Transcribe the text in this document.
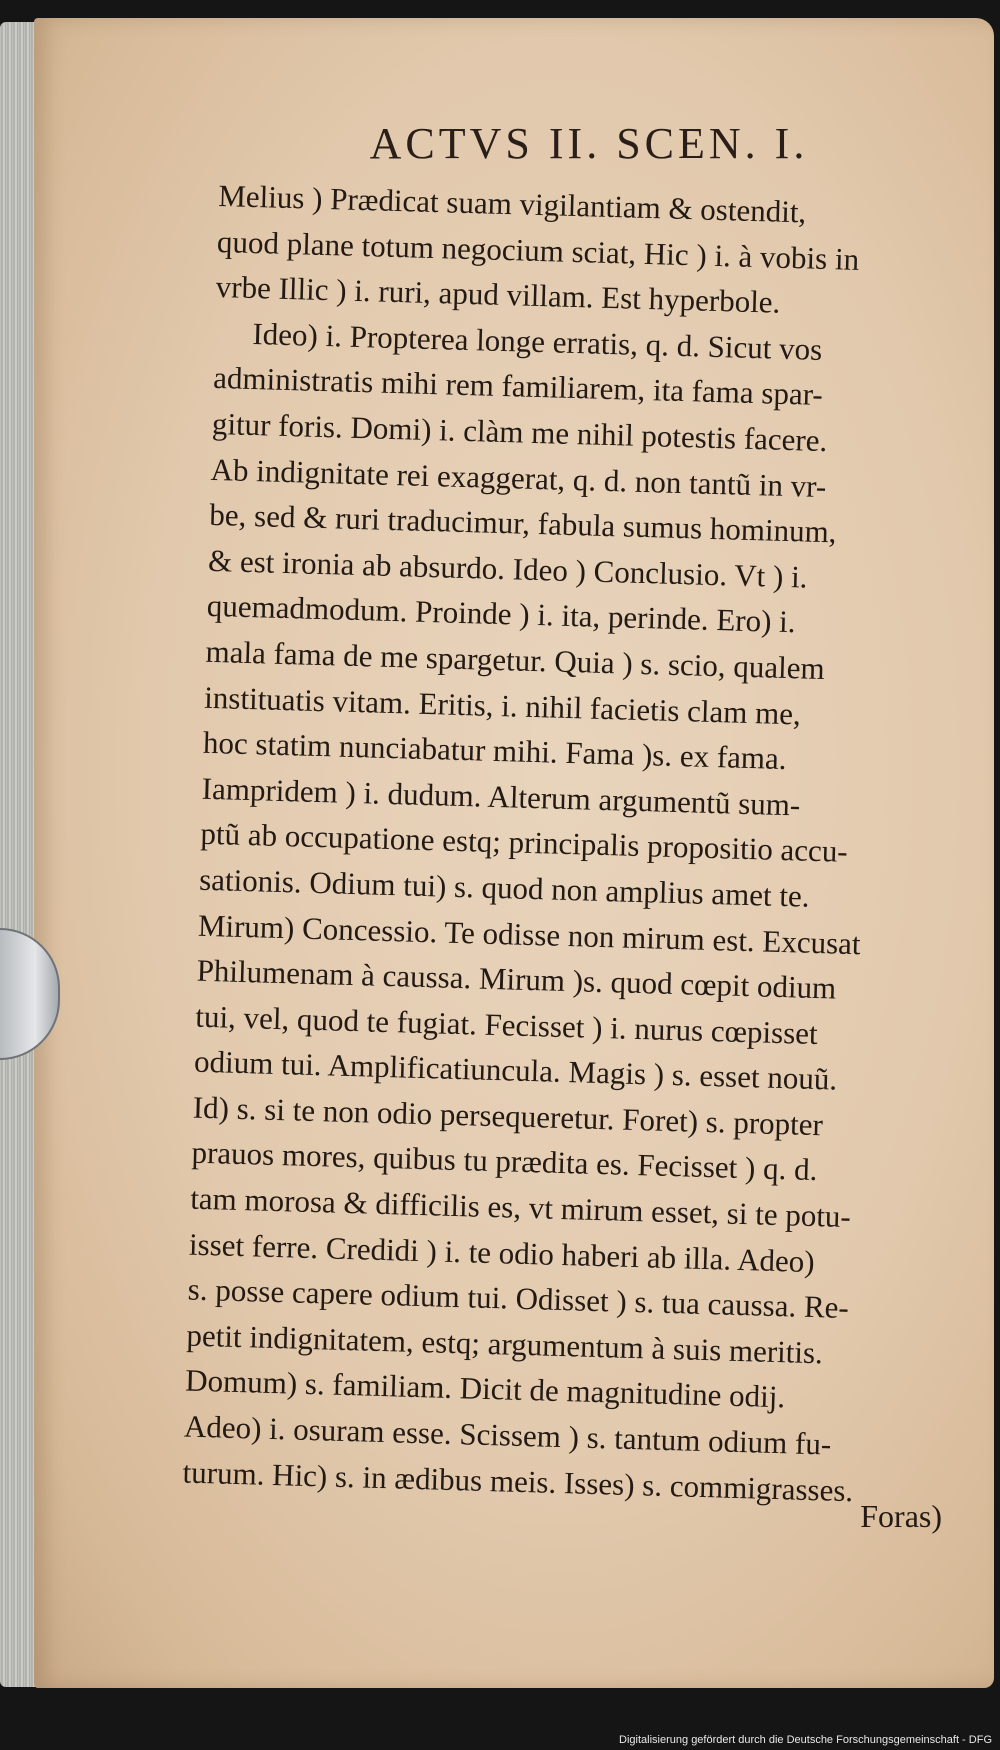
ACTVS II. SCEN. I.
Melius ) Prædicat suam vigilantiam & ostendit,
quod plane totum negocium sciat, Hic ) i. à vobis in
vrbe Illic ) i. ruri, apud villam. Est hyperbole.
Ideo) i. Propterea longe erratis, q. d. Sicut vos
administratis mihi rem familiarem, ita fama spar-
gitur foris. Domi) i. clàm me nihil potestis facere.
Ab indignitate rei exaggerat, q. d. non tantũ in vr-
be, sed & ruri traducimur, fabula sumus hominum,
& est ironia ab absurdo. Ideo ) Conclusio. Vt ) i.
quemadmodum. Proinde ) i. ita, perinde. Ero) i.
mala fama de me spargetur. Quia ) s. scio, qualem
instituatis vitam. Eritis, i. nihil facietis clam me,
hoc statim nunciabatur mihi. Fama )s. ex fama.
Iampridem ) i. dudum. Alterum argumentũ sum-
ptũ ab occupatione estq; principalis propositio accu-
sationis. Odium tui) s. quod non amplius amet te.
Mirum) Concessio. Te odisse non mirum est. Excusat
Philumenam à caussa. Mirum )s. quod cœpit odium
tui, vel, quod te fugiat. Fecisset ) i. nurus cœpisset
odium tui. Amplificatiuncula. Magis ) s. esset nouũ.
Id) s. si te non odio persequeretur. Foret) s. propter
prauos mores, quibus tu prædita es. Fecisset ) q. d.
tam morosa & difficilis es, vt mirum esset, si te potu-
isset ferre. Credidi ) i. te odio haberi ab illa. Adeo)
s. posse capere odium tui. Odisset ) s. tua caussa. Re-
petit indignitatem, estq; argumentum à suis meritis.
Domum) s. familiam. Dicit de magnitudine odij.
Adeo) i. osuram esse. Scissem ) s. tantum odium fu-
turum. Hic) s. in ædibus meis. Isses) s. commigrasses.
Foras)
Digitalisierung gefördert durch die Deutsche Forschungsgemeinschaft - DFG
